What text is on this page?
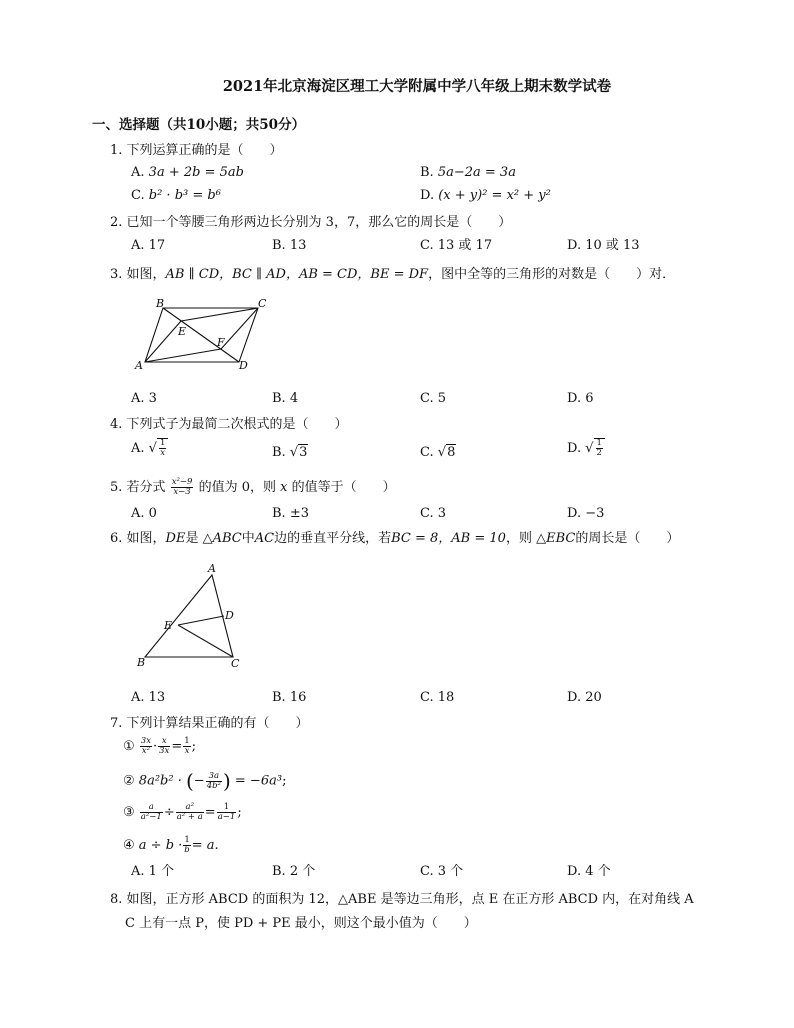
2021年北京海淀区理工大学附属中学八年级上期末数学试卷
一、选择题（共10小题；共50分）
1. 下列运算正确的是（　　）
A. 3a + 2b = 5ab	B. 5a−2a = 3a
C. b² · b³ = b⁶	D. (x + y)² = x² + y²
2. 已知一个等腰三角形两边长分别为 3，7，那么它的周长是（　　）
A. 17	B. 13	C. 13 或 17	D. 10 或 13
3. 如图，AB ∥ CD，BC ∥ AD，AB = CD，BE = DF，图中全等的三角形的对数是（　　）对．
B	C
A	D
E
F
A. 3	B. 4	C. 5	D. 6
4. 下列式子为最简二次根式的是（　　）
A. √ $\frac{1}{x}$	B. √3	C. √8	D. √ $\frac{1}{2}$
5. 若分式 $\frac{\text{x²−9}}{x-3}$ 的值为 0，则 x 的值等于（　　）
A. 0	B. ±3	C. 3	D. −3
6. 如图，DE是 △ABC中AC边的垂直平分线，若BC = 8，AB = 10，则 △EBC的周长是（　　）
A
D
E
B	C
A. 13	B. 16	C. 18	D. 20
7. 下列计算结果正确的有（　　）
① $\frac{3x}{\text{x²}} \cdot \frac{x}{3x} = \frac{1}{x}$ ;
② 8a²b² · (− $\frac{3a}{\text{4b²}}$ ) = −6a³;
③ $\frac{a}{\text{a²−1}} \div \frac{\text{a²}}{\text{a² + a}} = \frac{1}{a-1}$ ;
④ $a \div b \cdot \frac{1}{b} = a$.
A. 1 个	B. 2 个	C. 3 个	D. 4 个
8. 如图，正方形 ABCD 的面积为 12，△ABE 是等边三角形，点 E 在正方形 ABCD 内，在对角线 A
C 上有一点 P，使 PD + PE 最小，则这个最小值为（　　）
